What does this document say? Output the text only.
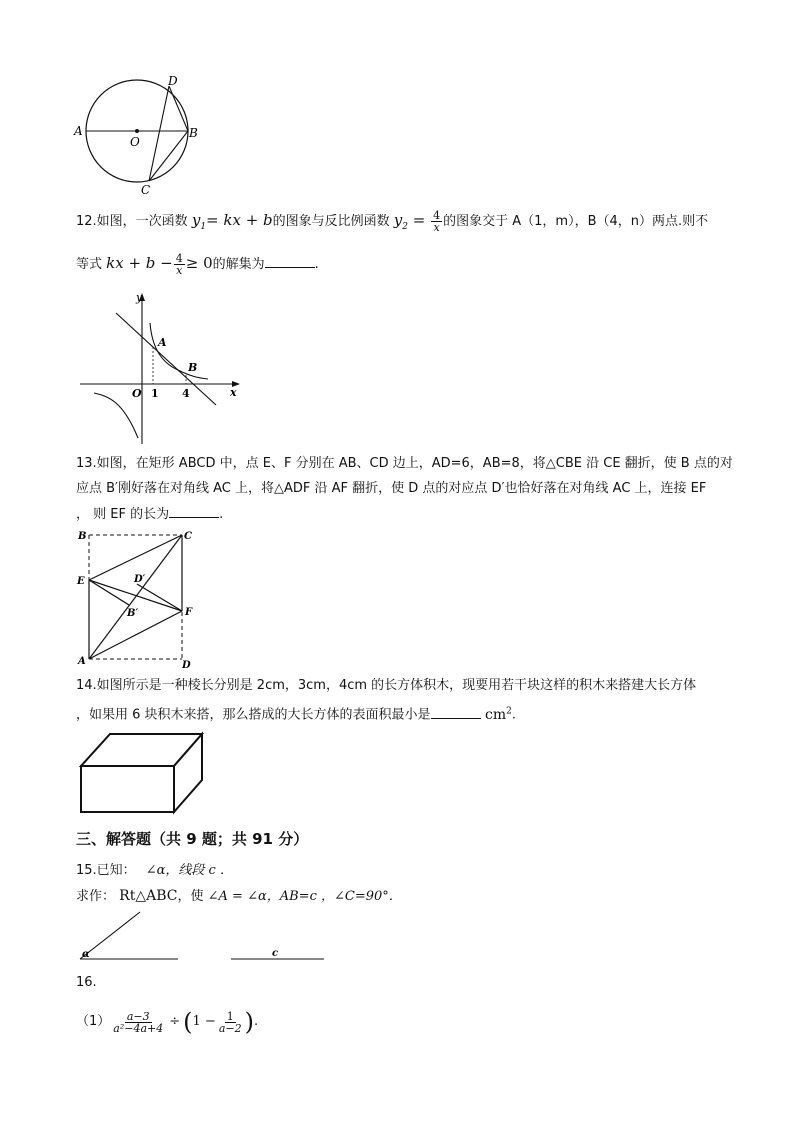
A
O
B
C
D
12.如图，一次函数 $y_1=$ kx + b的图象与反比例函数 $y_2 = \frac{4}{x}$ 的图象交于 A（1，m），B（4，n）两点.则不
等式 kx + $b - \frac{4}{x} \ge 0$的解集为	.
y
A
B
O 1 4	x
13.如图，在矩形 ABCD 中，点 E、F 分别在 AB、CD 边上，AD=6，AB=8，将△CBE 沿 CE 翻折，使 B 点的对
应点 B′刚好落在对角线 AC 上，将△ADF 沿 AF 翻折，使 D 点的对应点 D′也恰好落在对角线 AC 上，连接 EF
， 则 EF 的长为	.
B	C
E	D′
B′	F
A	D
14.如图所示是一种棱长分别是 2cm，3cm，4cm 的长方体积木，现要用若干块这样的积木来搭建大长方体
，如果用 6 块积木来搭，那么搭成的大长方体的表面积最小是	$cm^2$.
三、解答题（共 9 题；共 91 分）
15.已知： ∠α，线段 c ．
求作： Rt△ABC，使 ∠A = ∠α，AB=c ，∠C=90°．
α	c
16.
$(1) \frac{a-3}{\text{a²−4a+4}}$ ÷ ( $1 - \frac{1}{a-2}$ ) .
